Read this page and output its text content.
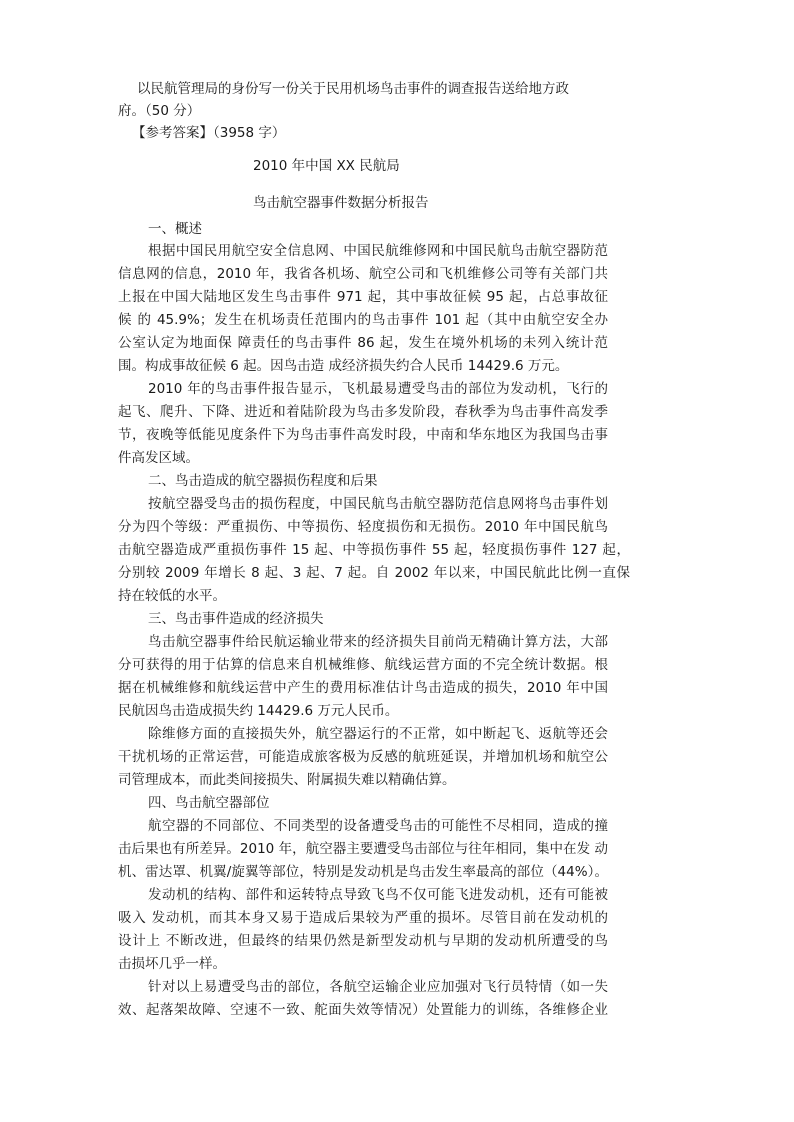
以民航管理局的身份写一份关于民用机场鸟击事件的调查报告送给地方政

府。（50 分）

【参考答案】（3958 字）

2010 年中国 XX 民航局

鸟击航空器事件数据分析报告

一、概述

根据中国民用航空安全信息网、中国民航维修网和中国民航鸟击航空器防范

信息网的信息，2010 年，我省各机场、航空公司和飞机维修公司等有关部门共

上报在中国大陆地区发生鸟击事件 971 起，其中事故征候 95 起，占总事故征

候 的 45.9%；发生在机场责任范围内的鸟击事件 101 起（其中由航空安全办

公室认定为地面保 障责任的鸟击事件 86 起，发生在境外机场的未列入统计范

围。构成事故征候 6 起。因鸟击造 成经济损失约合人民币 14429.6 万元。

2010 年的鸟击事件报告显示，飞机最易遭受鸟击的部位为发动机，飞行的

起飞、爬升、下降、进近和着陆阶段为鸟击多发阶段，春秋季为鸟击事件高发季

节，夜晚等低能见度条件下为鸟击事件高发时段，中南和华东地区为我国鸟击事

件高发区域。

二、鸟击造成的航空器损伤程度和后果

按航空器受鸟击的损伤程度，中国民航鸟击航空器防范信息网将鸟击事件划

分为四个等级：严重损伤、中等损伤、轻度损伤和无损伤。2010 年中国民航鸟

击航空器造成严重损伤事件 15 起、中等损伤事件 55 起，轻度损伤事件 127 起，

分别较 2009 年增长 8 起、3 起、7 起。自 2002 年以来，中国民航此比例一直保

持在较低的水平。

三、鸟击事件造成的经济损失

鸟击航空器事件给民航运输业带来的经济损失目前尚无精确计算方法，大部

分可获得的用于估算的信息来自机械维修、航线运营方面的不完全统计数据。根

据在机械维修和航线运营中产生的费用标准估计鸟击造成的损失，2010 年中国

民航因鸟击造成损失约 14429.6 万元人民币。

除维修方面的直接损失外，航空器运行的不正常，如中断起飞、返航等还会

干扰机场的正常运营，可能造成旅客极为反感的航班延误，并增加机场和航空公

司管理成本，而此类间接损失、附属损失难以精确估算。

四、鸟击航空器部位

航空器的不同部位、不同类型的设备遭受鸟击的可能性不尽相同，造成的撞

击后果也有所差异。2010 年，航空器主要遭受鸟击部位与往年相同，集中在发 动

机、雷达罩、机翼/旋翼等部位，特别是发动机是鸟击发生率最高的部位（44%）。

发动机的结构、部件和运转特点导致飞鸟不仅可能飞进发动机，还有可能被

吸入 发动机，而其本身又易于造成后果较为严重的损坏。尽管目前在发动机的

设计上 不断改进，但最终的结果仍然是新型发动机与早期的发动机所遭受的鸟

击损坏几乎一样。

针对以上易遭受鸟击的部位，各航空运输企业应加强对飞行员特情（如一失

效、起落架故障、空速不一致、舵面失效等情况）处置能力的训练，各维修企业
